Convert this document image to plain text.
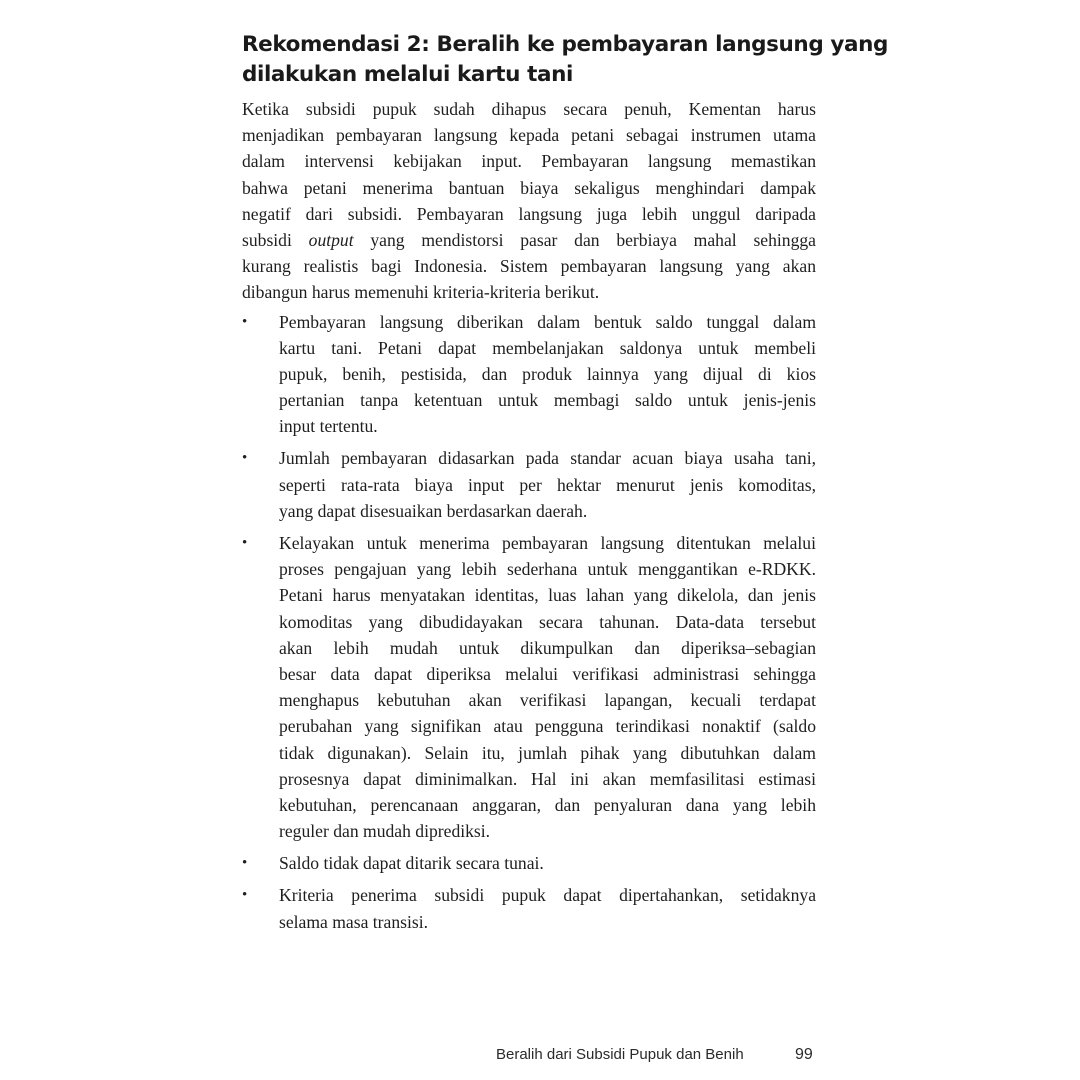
Rekomendasi 2: Beralih ke pembayaran langsung yang
dilakukan melalui kartu tani

Ketika subsidi pupuk sudah dihapus secara penuh, Kementan harus
menjadikan pembayaran langsung kepada petani sebagai instrumen utama
dalam intervensi kebijakan input. Pembayaran langsung memastikan
bahwa petani menerima bantuan biaya sekaligus menghindari dampak
negatif dari subsidi. Pembayaran langsung juga lebih unggul daripada
subsidi output yang mendistorsi pasar dan berbiaya mahal sehingga
kurang realistis bagi Indonesia. Sistem pembayaran langsung yang akan
dibangun harus memenuhi kriteria-kriteria berikut.

•	Pembayaran langsung diberikan dalam bentuk saldo tunggal dalam
kartu tani. Petani dapat membelanjakan saldonya untuk membeli
pupuk, benih, pestisida, dan produk lainnya yang dijual di kios
pertanian tanpa ketentuan untuk membagi saldo untuk jenis-jenis
input tertentu.
•	Jumlah pembayaran didasarkan pada standar acuan biaya usaha tani,
seperti rata-rata biaya input per hektar menurut jenis komoditas,
yang dapat disesuaikan berdasarkan daerah.
•	Kelayakan untuk menerima pembayaran langsung ditentukan melalui
proses pengajuan yang lebih sederhana untuk menggantikan e-RDKK.
Petani harus menyatakan identitas, luas lahan yang dikelola, dan jenis
komoditas yang dibudidayakan secara tahunan. Data-data tersebut
akan lebih mudah untuk dikumpulkan dan diperiksa–sebagian
besar data dapat diperiksa melalui verifikasi administrasi sehingga
menghapus kebutuhan akan verifikasi lapangan, kecuali terdapat
perubahan yang signifikan atau pengguna terindikasi nonaktif (saldo
tidak digunakan). Selain itu, jumlah pihak yang dibutuhkan dalam
prosesnya dapat diminimalkan. Hal ini akan memfasilitasi estimasi
kebutuhan, perencanaan anggaran, dan penyaluran dana yang lebih
reguler dan mudah diprediksi.
•	Saldo tidak dapat ditarik secara tunai.
•	Kriteria penerima subsidi pupuk dapat dipertahankan, setidaknya
selama masa transisi.
Beralih dari Subsidi Pupuk dan Benih	99
